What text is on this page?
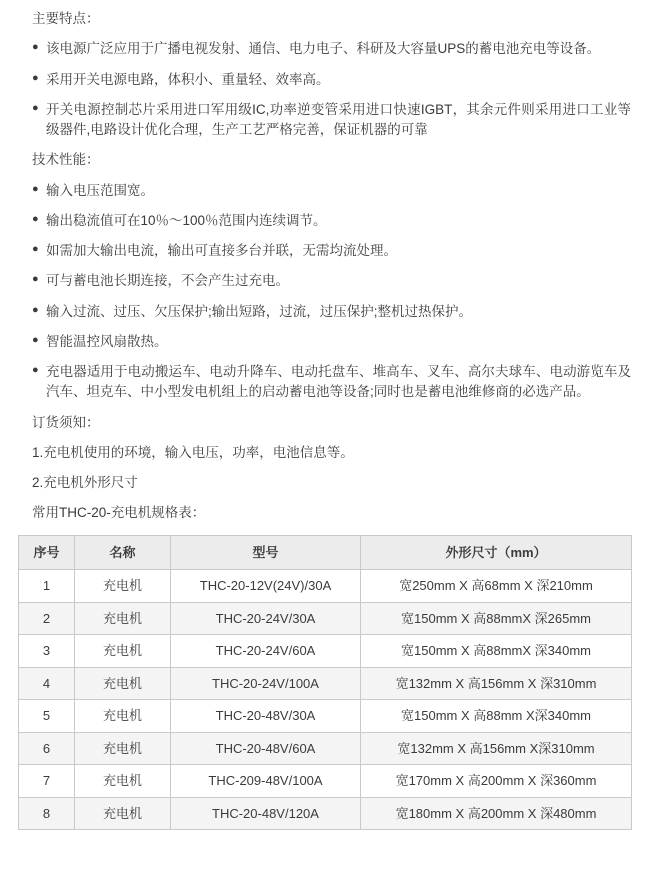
主要特点：

● 该电源广泛应用于广播电视发射、通信、电力电子、科研及大容量UPS的蓄电池充电等设备。

● 采用开关电源电路，体积小、重量轻、效率高。

● 开关电源控制芯片采用进口军用级IC,功率逆变管采用进口快速IGBT，其余元件则采用进口工业等级器件,电路设计优化合理，生产工艺严格完善，保证机器的可靠

技术性能：

● 输入电压范围宽。

● 输出稳流值可在10％～100％范围内连续调节。

● 如需加大输出电流，输出可直接多台并联，无需均流处理。

● 可与蓄电池长期连接，不会产生过充电。

● 输入过流、过压、欠压保护;输出短路，过流，过压保护;整机过热保护。

● 智能温控风扇散热。

● 充电器适用于电动搬运车、电动升降车、电动托盘车、堆高车、叉车、高尔夫球车、电动游览车及汽车、坦克车、中小型发电机组上的启动蓄电池等设备;同时也是蓄电池维修商的必选产品。

订货须知：

1.充电机使用的环境，输入电压，功率，电池信息等。

2.充电机外形尺寸

常用THC-20-充电机规格表：

序号	名称	型号	外形尺寸（mm）
1	充电机	THC-20-12V(24V)/30A	宽250mm X 高68mm X 深210mm
2	充电机	THC-20-24V/30A	宽150mm X 高88mmX 深265mm
3	充电机	THC-20-24V/60A	宽150mm X 高88mmX 深340mm
4	充电机	THC-20-24V/100A	宽132mm X 高156mm X 深310mm
5	充电机	THC-20-48V/30A	宽150mm X 高88mm X深340mm
6	充电机	THC-20-48V/60A	宽132mm X 高156mm X深310mm
7	充电机	THC-209-48V/100A	宽170mm X 高200mm X 深360mm
8	充电机	THC-20-48V/120A	宽180mm X 高200mm X 深480mm
